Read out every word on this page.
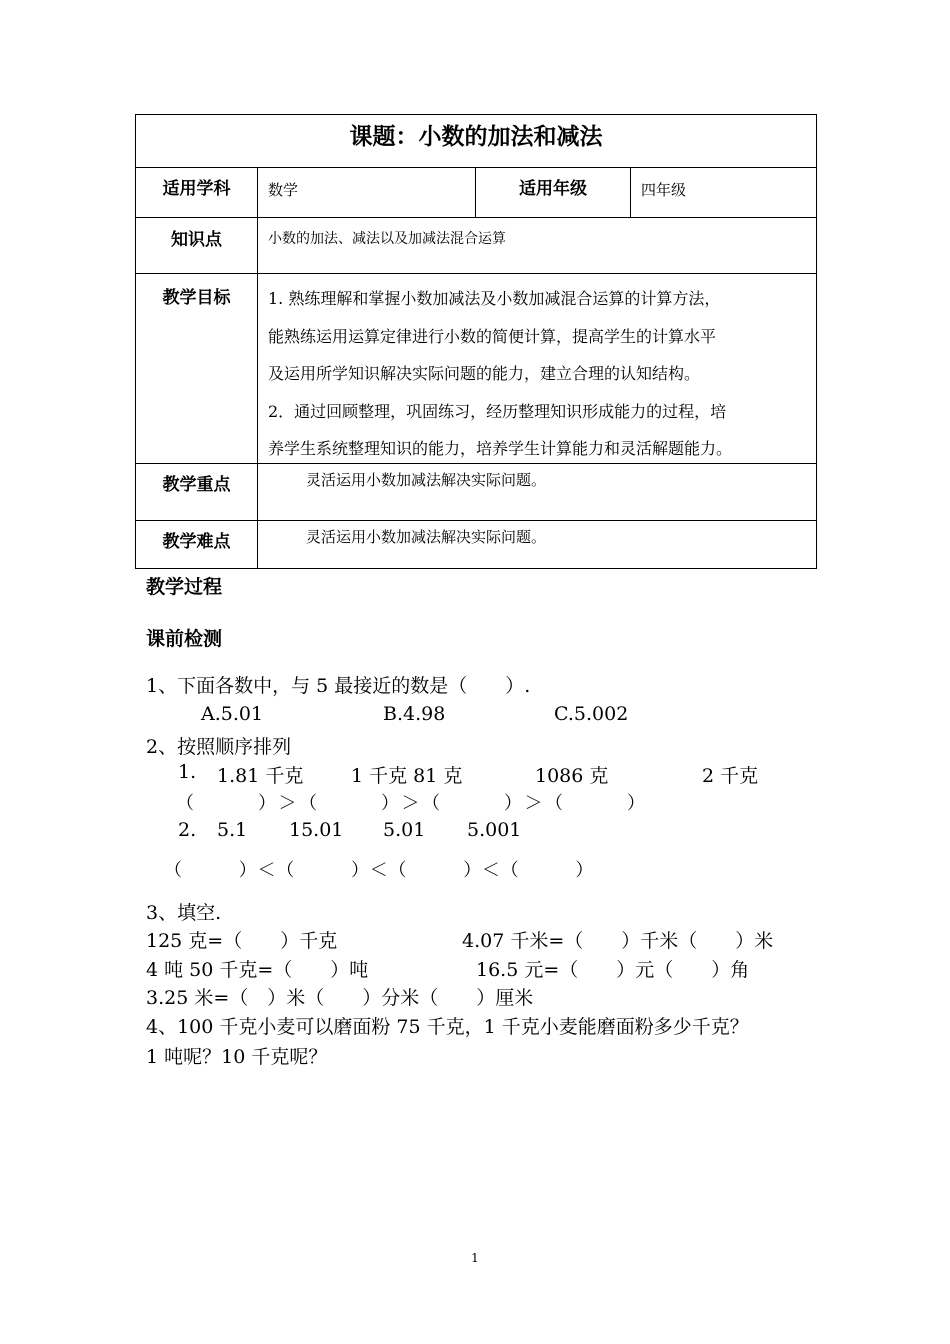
课题：小数的加法和减法
适用学科	数学	适用年级	四年级
知识点	小数的加法、减法以及加减法混合运算
教学目标	1. 熟练理解和掌握小数加减法及小数加减混合运算的计算方法，

能熟练运用运算定律进行小数的简便计算，提高学生的计算水平

及运用所学知识解决实际问题的能力，建立合理的认知结构。

2．通过回顾整理，巩固练习，经历整理知识形成能力的过程，培

养学生系统整理知识的能力，培养学生计算能力和灵活解题能力。

教学重点	灵活运用小数加减法解决实际问题。
教学难点	灵活运用小数加减法解决实际问题。
教学过程
课前检测
1、下面各数中，与 5 最接近的数是（　　）.
A.5.01	B.4.98	C.5.002
2、按照顺序排列
1. 1.81 千克	1 千克 81 克	1086 克	2 千克
（　　　）＞（　　　）＞（　　　）＞（　　　）
2. 5.1 15.01 5.01 5.001
（　　　）＜（　　　）＜（　　　）＜（　　　）
3、填空.
125 克=（　　）千克	4.07 千米=（　　）千米（　　）米
4 吨 50 千克=（　　）吨	16.5 元=（　　）元（　　）角
3.25 米=（　）米（　　）分米（　　）厘米
4、100 千克小麦可以磨面粉 75 千克，1 千克小麦能磨面粉多少千克？
1 吨呢？10 千克呢？
1
